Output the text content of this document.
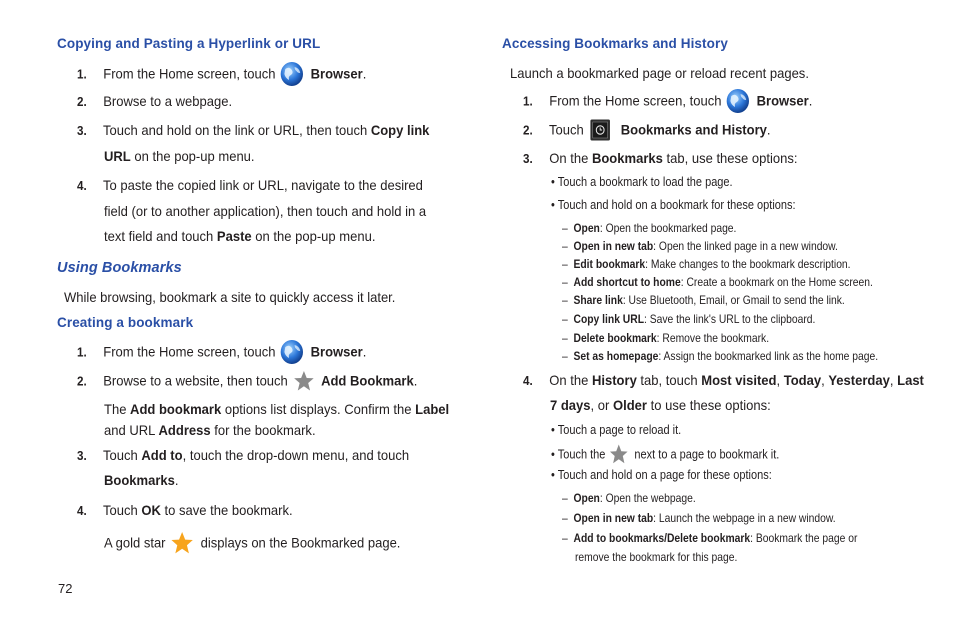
Copying and Pasting a Hyperlink or URL
1. From the Home screen, touch	Browser.
2. Browse to a webpage.
3. Touch and hold on the link or URL, then touch Copy link
URL on the pop-up menu.
4. To paste the copied link or URL, navigate to the desired
field (or to another application), then touch and hold in a
text field and touch Paste on the pop-up menu.
Using Bookmarks
While browsing, bookmark a site to quickly access it later.
Creating a bookmark
1. From the Home screen, touch	Browser.
2. Browse to a website, then touch Add Bookmark.
The Add bookmark options list displays. Confirm the Label
and URL Address for the bookmark.
3. Touch Add to, touch the drop-down menu, and touch
Bookmarks.
4. Touch OK to save the bookmark.
A gold star	displays on the Bookmarked page.
72
Accessing Bookmarks and History
Launch a bookmarked page or reload recent pages.
1. From the Home screen, touch	Browser.
2. Touch	Bookmarks and History.
3. On the Bookmarks tab, use these options:
• Touch a bookmark to load the page.
• Touch and hold on a bookmark for these options:
– Open: Open the bookmarked page.
– Open in new tab: Open the linked page in a new window.
– Edit bookmark: Make changes to the bookmark description.
– Add shortcut to home: Create a bookmark on the Home screen.
– Share link: Use Bluetooth, Email, or Gmail to send the link.
– Copy link URL: Save the link's URL to the clipboard.
– Delete bookmark: Remove the bookmark.
– Set as homepage: Assign the bookmarked link as the home page.
4. On the History tab, touch Most visited, Today, Yesterday, Last
7 days, or Older to use these options:
• Touch a page to reload it.
• Touch the next to a page to bookmark it.
• Touch and hold on a page for these options:
– Open: Open the webpage.
– Open in new tab: Launch the webpage in a new window.
– Add to bookmarks/Delete bookmark: Bookmark the page or
remove the bookmark for this page.
